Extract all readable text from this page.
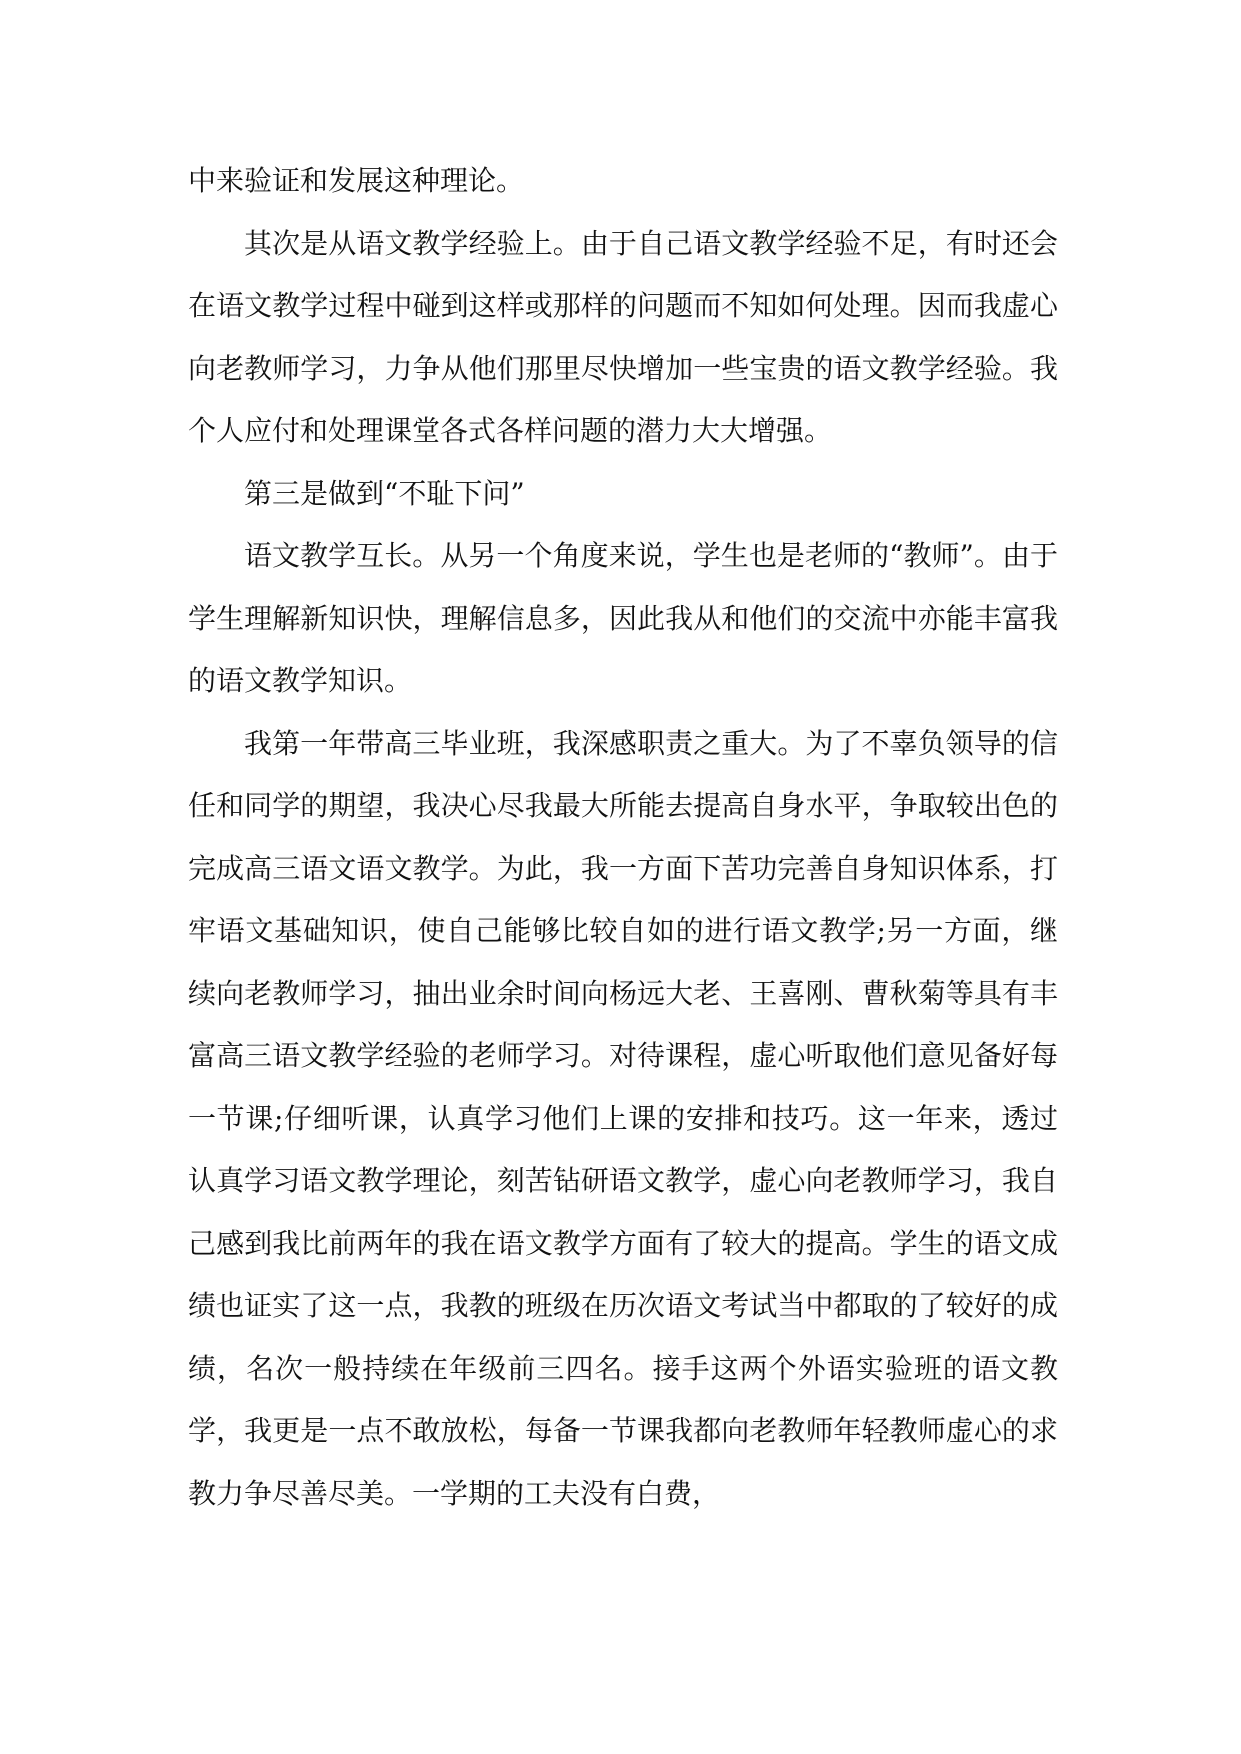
中来验证和发展这种理论。

其次是从语文教学经验上。由于自己语文教学经验不足，有时还会在语文教学过程中碰到这样或那样的问题而不知如何处理。因而我虚心向老教师学习，力争从他们那里尽快增加一些宝贵的语文教学经验。我个人应付和处理课堂各式各样问题的潜力大大增强。

第三是做到“不耻下问”

语文教学互长。从另一个角度来说，学生也是老师的“教师”。由于学生理解新知识快，理解信息多，因此我从和他们的交流中亦能丰富我的语文教学知识。

我第一年带高三毕业班，我深感职责之重大。为了不辜负领导的信任和同学的期望，我决心尽我最大所能去提高自身水平，争取较出色的完成高三语文语文教学。为此，我一方面下苦功完善自身知识体系，打牢语文基础知识，使自己能够比较自如的进行语文教学;另一方面，继续向老教师学习，抽出业余时间向杨远大老、王喜刚、曹秋菊等具有丰富高三语文教学经验的老师学习。对待课程，虚心听取他们意见备好每一节课;仔细听课，认真学习他们上课的安排和技巧。这一年来，透过认真学习语文教学理论，刻苦钻研语文教学，虚心向老教师学习，我自己感到我比前两年的我在语文教学方面有了较大的提高。学生的语文成绩也证实了这一点，我教的班级在历次语文考试当中都取的了较好的成绩，名次一般持续在年级前三四名。接手这两个外语实验班的语文教学，我更是一点不敢放松，每备一节课我都向老教师年轻教师虚心的求教力争尽善尽美。一学期的工夫没有白费，
